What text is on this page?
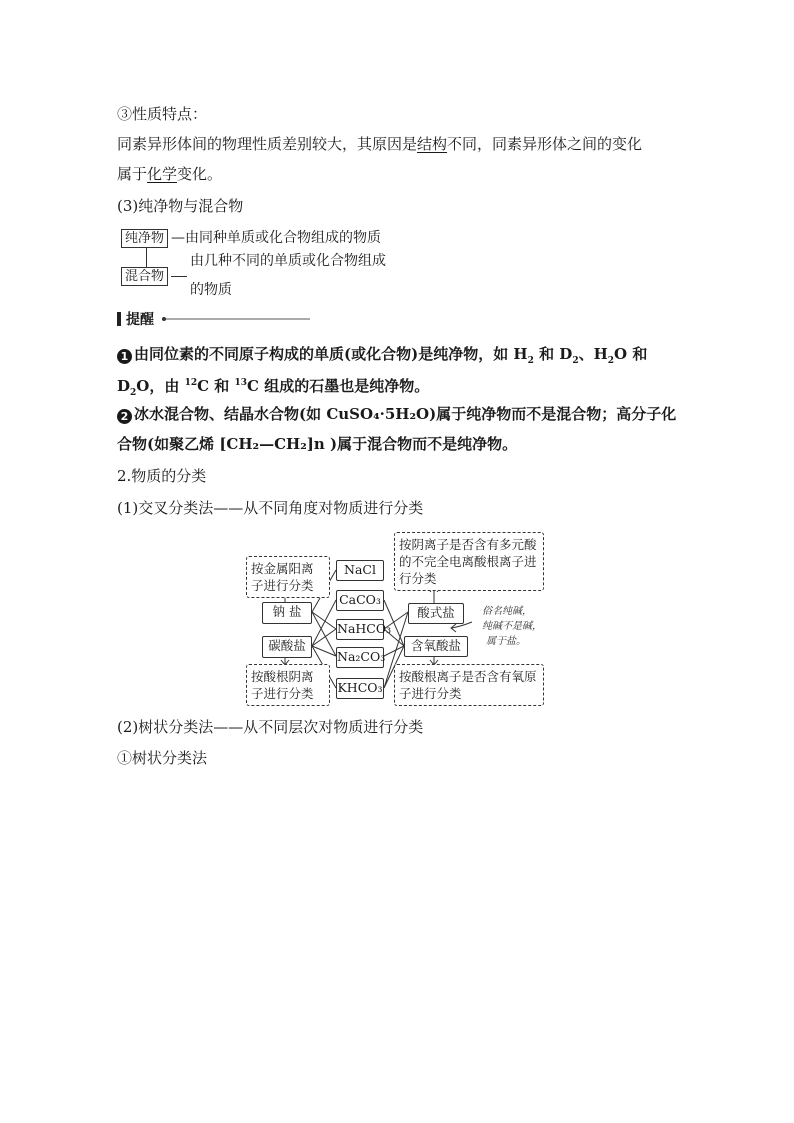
③性质特点：
同素异形体间的物理性质差别较大，其原因是结构不同，同素异形体之间的变化
属于化学变化。
(3)纯净物与混合物
纯净物 —由同种单质或化合物组成的物质
由几种不同的单质或化合物组成
混合物
的物质
提醒
1 由同位素的不同原子构成的单质(或化合物)是纯净物，如 $H_2$ 和 $D_2$、$H_2O$ 和
$D_2O$，由 $^{12}$C 和 $^{13}$C 组成的石墨也是纯净物。
2 冰水混合物、结晶水合物(如 CuSO₄·5H₂O)属于纯净物而不是混合物；高分子化
合物(如聚乙烯 [CH₂—CH₂]n )属于混合物而不是纯净物。
2.物质的分类
(1)交叉分类法——从不同角度对物质进行分类
按金属阳离子进行分类
钠 盐
碳酸盐
按酸根阴离子进行分类
NaCl
CaCO₃
NaHCO₃
Na₂CO₃
KHCO₃
酸式盐
含氧酸盐
按阴离子是否含有多元酸的不完全电离酸根离子进行分类
按酸根离子是否含有氧原子进行分类
俗名纯碱，
纯碱不是碱，
属于盐。
(2)树状分类法——从不同层次对物质进行分类
①树状分类法
